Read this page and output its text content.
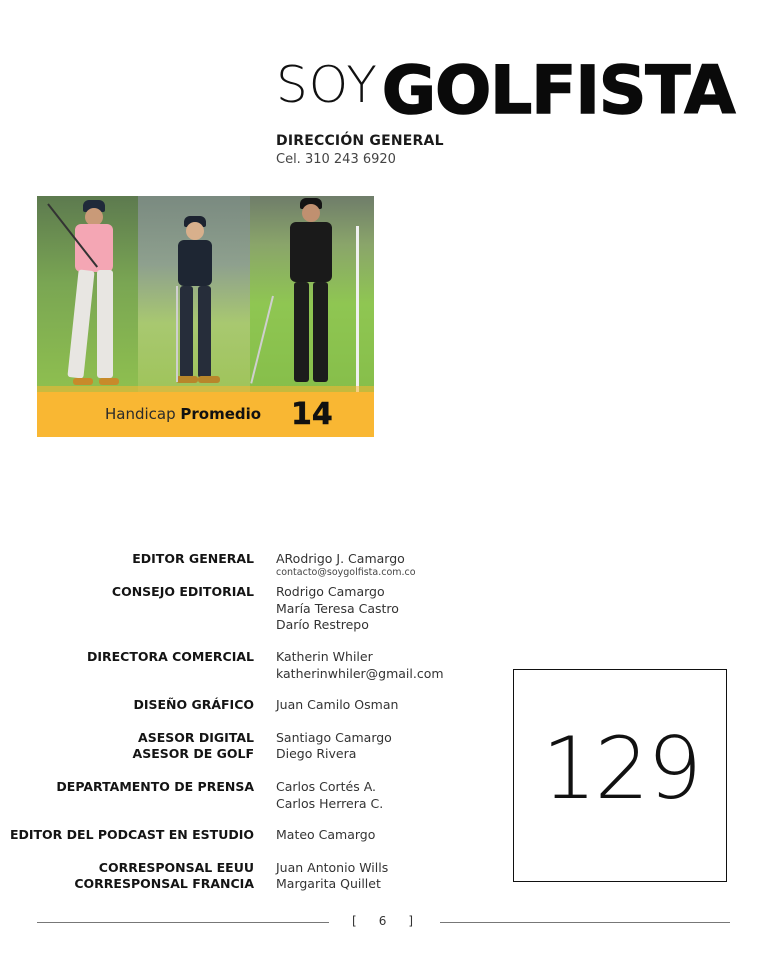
SOYGOLFISTA
DIRECCIÓN GENERAL
Cel. 310 243 6920
Handicap Promedio 14
EDITOR GENERAL ARodrigo J. Camargo
contacto@soygolfista.com.co
CONSEJO EDITORIAL Rodrigo Camargo
María Teresa Castro
Darío Restrepo
DIRECTORA COMERCIAL Katherin Whiler
katherinwhiler@gmail.com
DISEÑO GRÁFICO Juan Camilo Osman
ASESOR DIGITAL Santiago Camargo
ASESOR DE GOLF Diego Rivera
DEPARTAMENTO DE PRENSA Carlos Cortés A.
Carlos Herrera C.
EDITOR DEL PODCAST EN ESTUDIO Mateo Camargo
CORRESPONSAL EEUU Juan Antonio Wills
CORRESPONSAL FRANCIA Margarita Quillet
129
[ 6 ]
